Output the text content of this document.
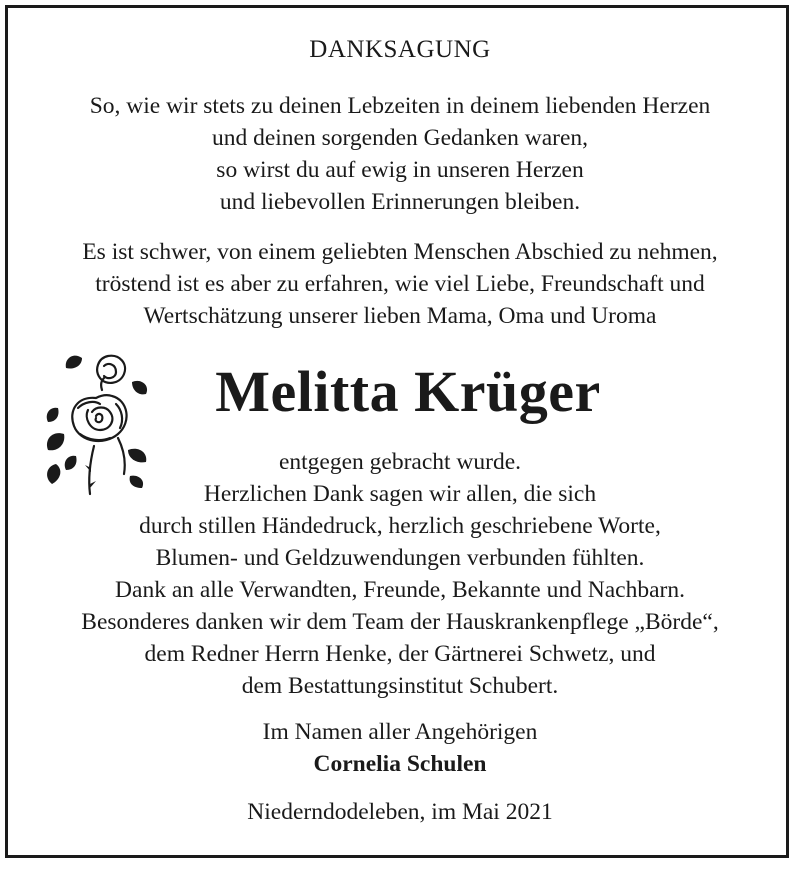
DANKSAGUNG
So, wie wir stets zu deinen Lebzeiten in deinem liebenden Herzen
und deinen sorgenden Gedanken waren,
so wirst du auf ewig in unseren Herzen
und liebevollen Erinnerungen bleiben.
Es ist schwer, von einem geliebten Menschen Abschied zu nehmen,
tröstend ist es aber zu erfahren, wie viel Liebe, Freundschaft und
Wertschätzung unserer lieben Mama, Oma und Uroma
Melitta Krüger
entgegen gebracht wurde.
Herzlichen Dank sagen wir allen, die sich
durch stillen Händedruck, herzlich geschriebene Worte,
Blumen- und Geldzuwendungen verbunden fühlten.
Dank an alle Verwandten, Freunde, Bekannte und Nachbarn.
Besonderes danken wir dem Team der Hauskrankenpflege „Börde“,
dem Redner Herrn Henke, der Gärtnerei Schwetz, und
dem Bestattungsinstitut Schubert.
Im Namen aller Angehörigen
Cornelia Schulen
Niederndodeleben, im Mai 2021
